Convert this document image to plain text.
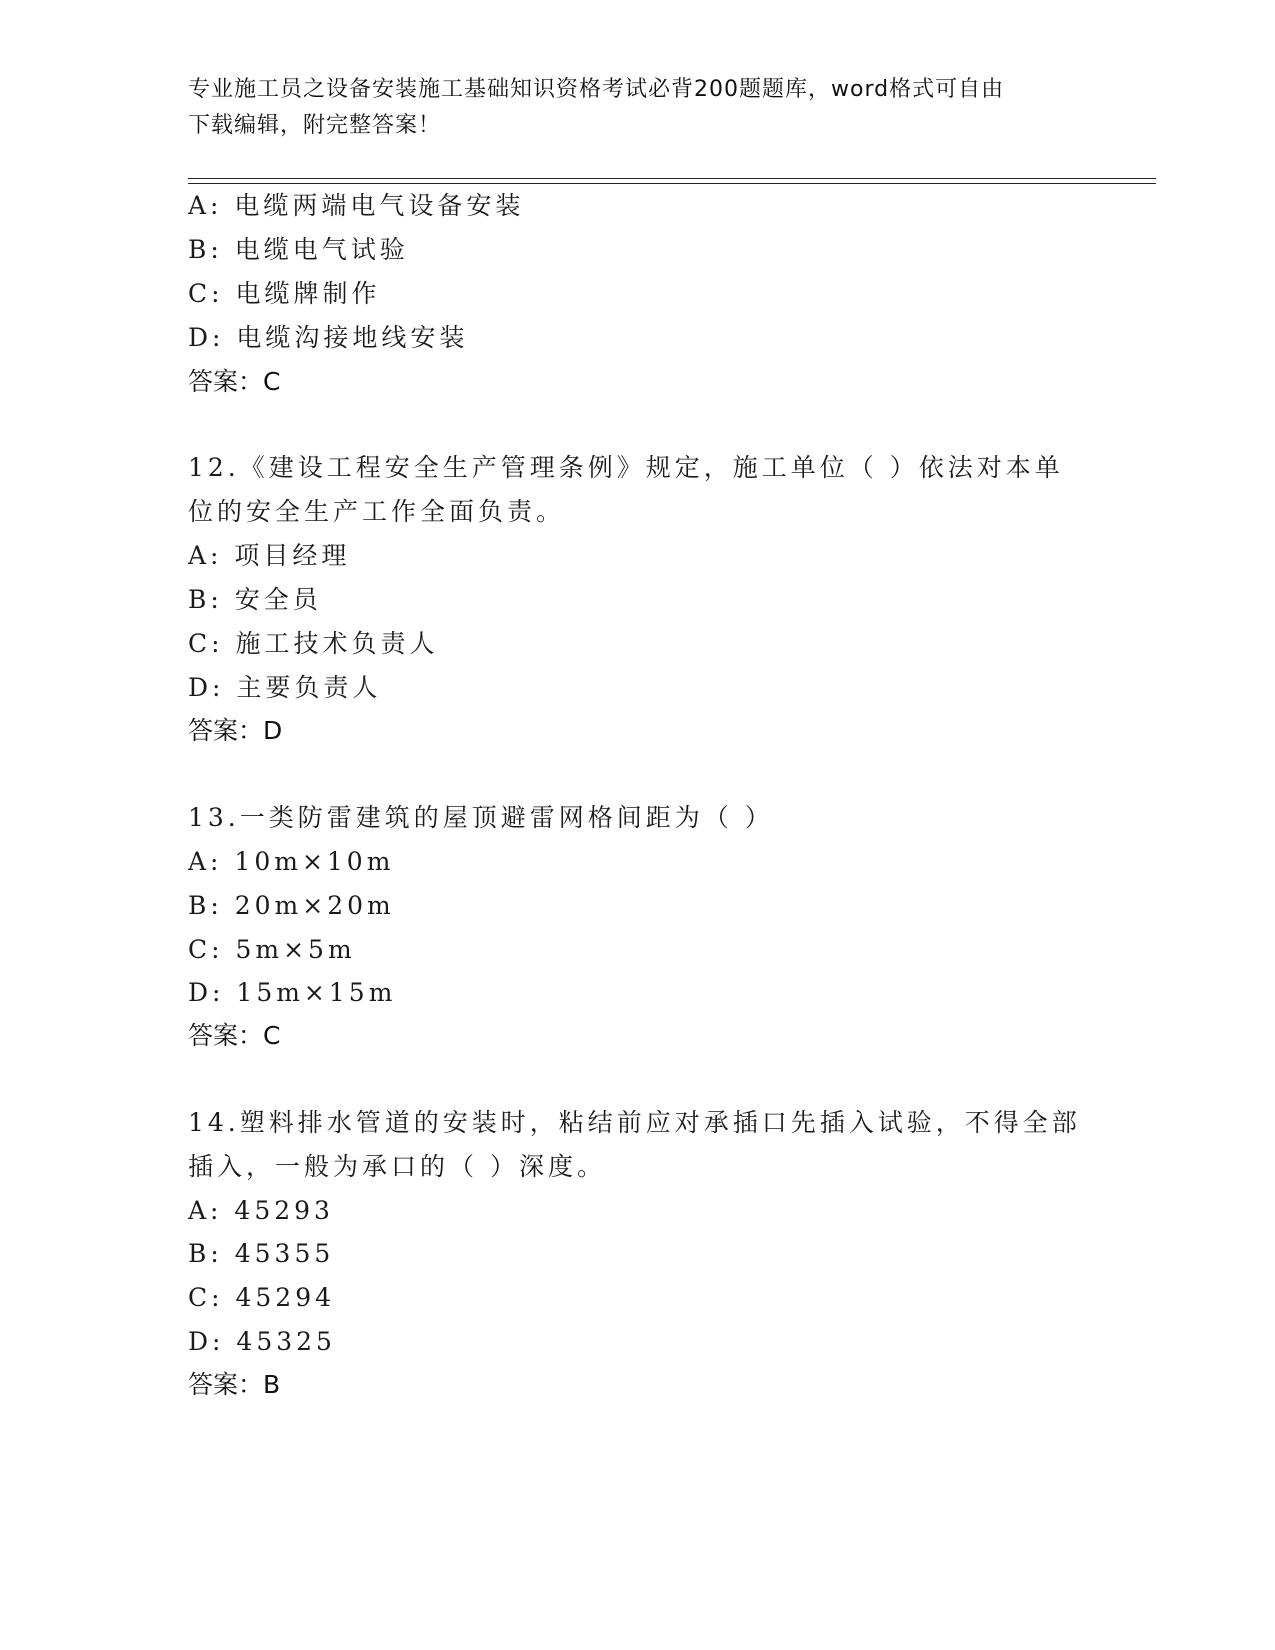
专业施工员之设备安装施工基础知识资格考试必背200题题库，word格式可自由
下载编辑，附完整答案！
A: 电缆两端电气设备安装
B: 电缆电气试验
C: 电缆牌制作
D: 电缆沟接地线安装
答案：C
12.《建设工程安全生产管理条例》规定，施工单位（ ）依法对本单
位的安全生产工作全面负责。
A: 项目经理
B: 安全员
C: 施工技术负责人
D: 主要负责人
答案：D
13.一类防雷建筑的屋顶避雷网格间距为（ ）
A: 10m×10m
B: 20m×20m
C: 5m×5m
D: 15m×15m
答案：C
14.塑料排水管道的安装时，粘结前应对承插口先插入试验，不得全部
插入，一般为承口的（ ）深度。
A: 45293
B: 45355
C: 45294
D: 45325
答案：B
